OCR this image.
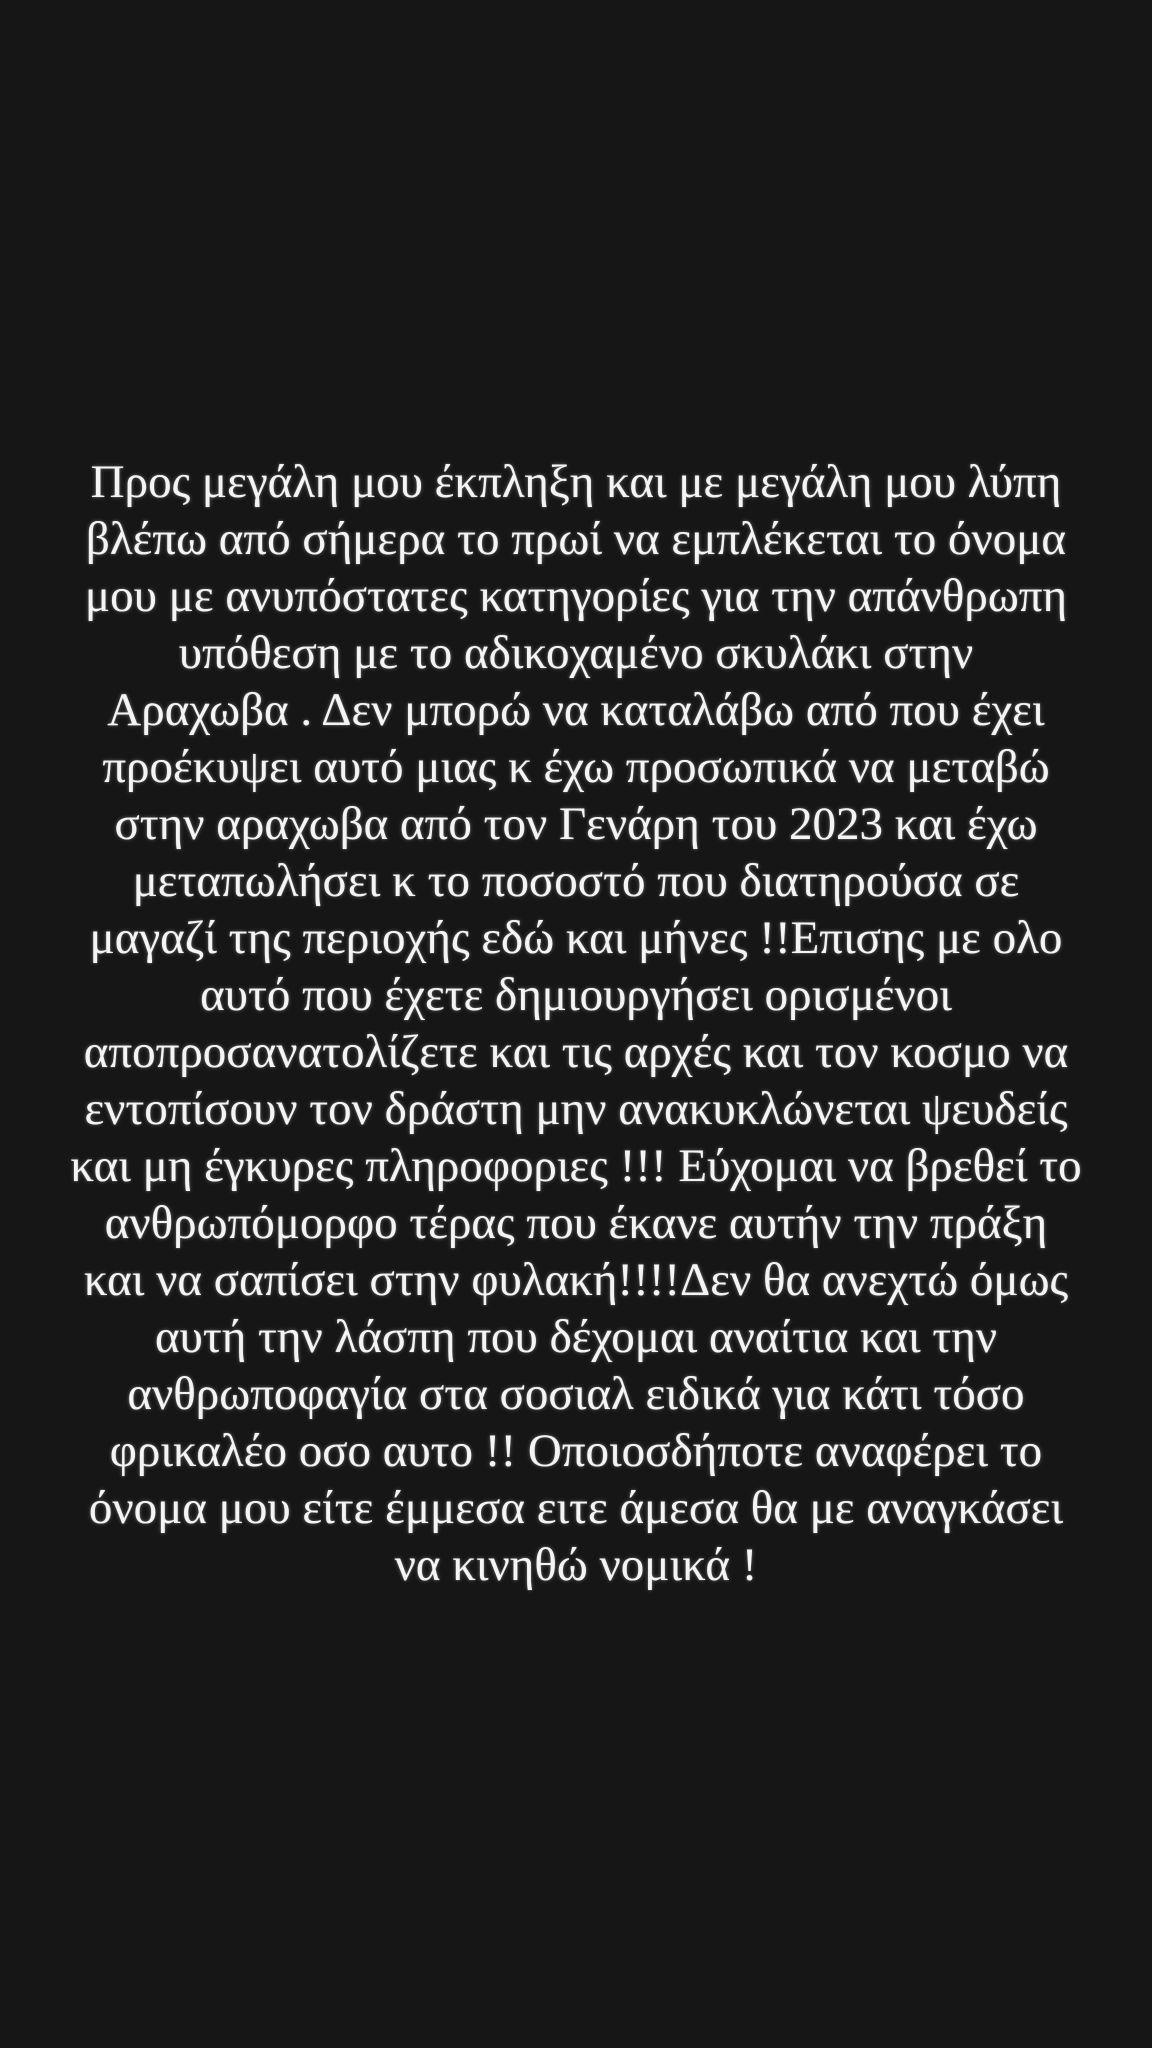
Προς μεγάλη μου έκπληξη και με μεγάλη μου λύπη
βλέπω από σήμερα το πρωί να εμπλέκεται το όνομα
μου με ανυπόστατες κατηγορίες για την απάνθρωπη
υπόθεση με το αδικοχαμένο σκυλάκι στην
Αραχωβα . Δεν μπορώ να καταλάβω από που έχει
προέκυψει αυτό μιας κ έχω προσωπικά να μεταβώ
στην αραχωβα από τον Γενάρη του 2023 και έχω
μεταπωλήσει κ το ποσοστό που διατηρούσα σε
μαγαζί της περιοχής εδώ και μήνες !!Επισης με ολο
αυτό που έχετε δημιουργήσει ορισμένοι
αποπροσανατολίζετε και τις αρχές και τον κοσμο να
εντοπίσουν τον δράστη μην ανακυκλώνεται ψευδείς
και μη έγκυρες πληροφοριες !!! Εύχομαι να βρεθεί το
ανθρωπόμορφο τέρας που έκανε αυτήν την πράξη
και να σαπίσει στην φυλακή!!!!Δεν θα ανεχτώ όμως
αυτή την λάσπη που δέχομαι αναίτια και την
ανθρωποφαγία στα σοσιαλ ειδικά για κάτι τόσο
φρικαλέο οσο αυτο !! Οποιοσδήποτε αναφέρει το
όνομα μου είτε έμμεσα ειτε άμεσα θα με αναγκάσει
να κινηθώ νομικά !
